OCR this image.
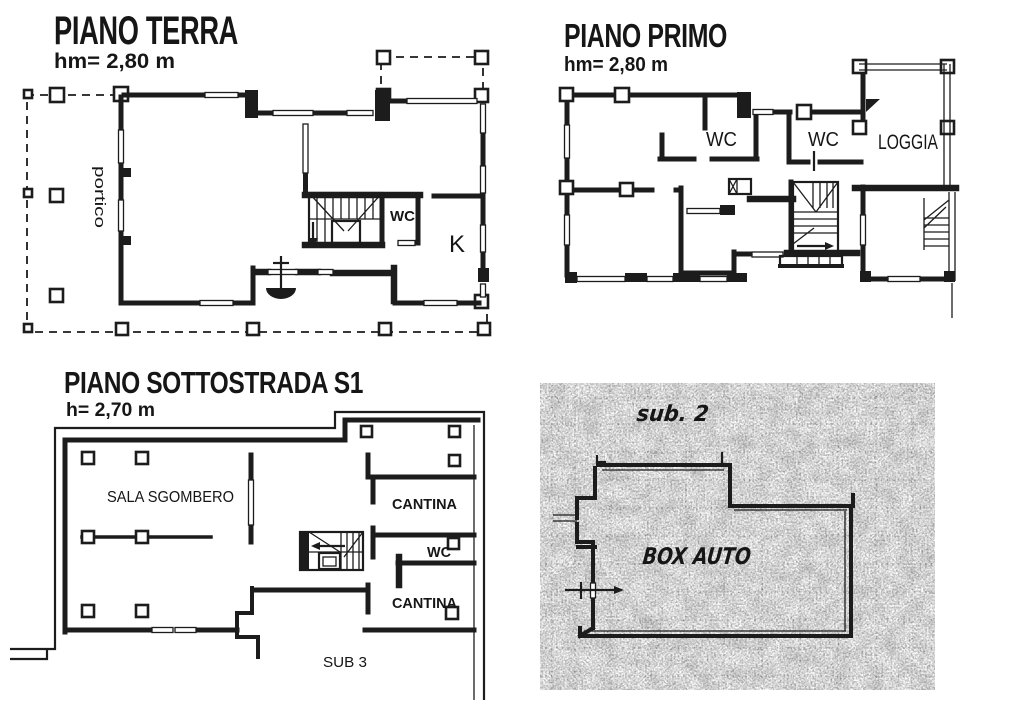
PIANO TERRA
hm= 2,80 m
WC
K
portico
PIANO PRIMO
hm= 2,80 m
WC	WC LOGGIA
PIANO SOTTOSTRADA S1
h= 2,70 m
SALA SGOMBERO	CANTINA
WC
CANTINA
SUB 3
sub. 2
BOX AUTO
